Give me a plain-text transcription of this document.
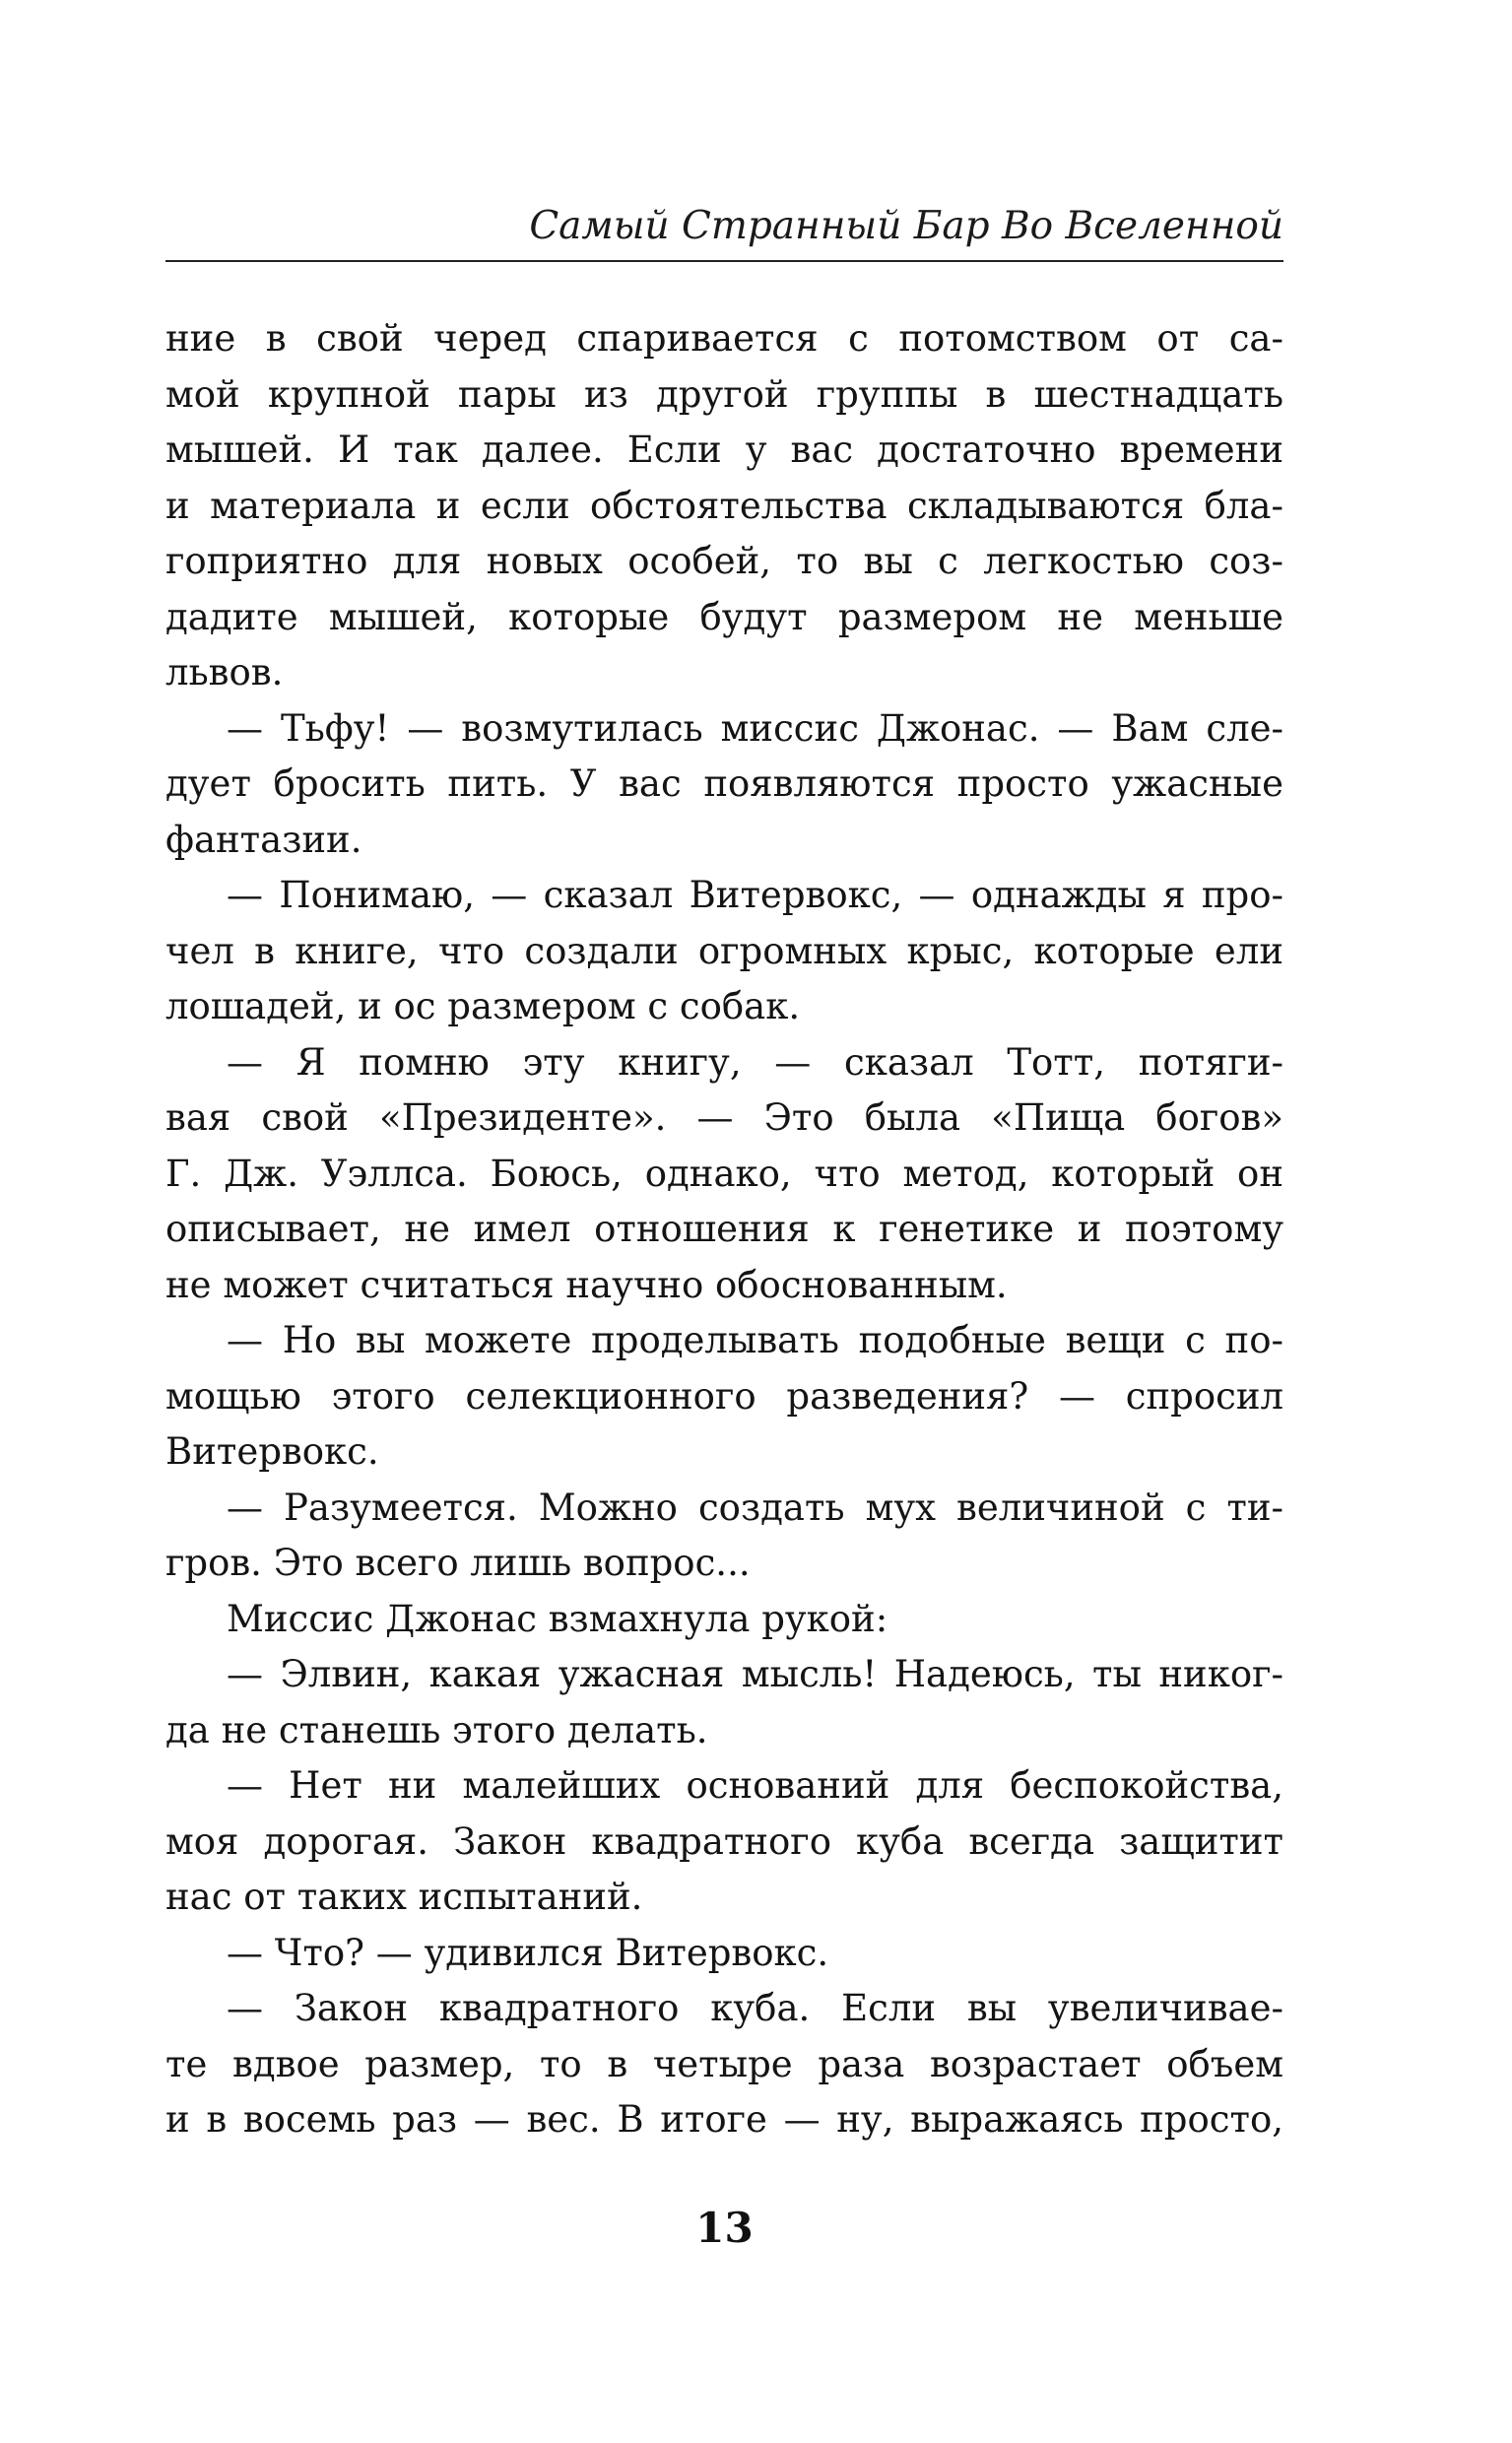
Самый Странный Бар Во Вселенной
ние в свой черед спаривается с потомством от са-
мой крупной пары из другой группы в шестнадцать
мышей. И так далее. Если у вас достаточно времени
и материала и если обстоятельства складываются бла-
гоприятно для новых особей, то вы с легкостью соз-
дадите мышей, которые будут размером не меньше
львов.
— Тьфу! — возмутилась миссис Джонас. — Вам сле-
дует бросить пить. У вас появляются просто ужасные
фантазии.
— Понимаю, — сказал Витервокс, — однажды я про-
чел в книге, что создали огромных крыс, которые ели
лошадей, и ос размером с собак.
— Я помню эту книгу, — сказал Тотт, потяги-
вая свой «Президенте». — Это была «Пища богов»
Г. Дж. Уэллса. Боюсь, однако, что метод, который он
описывает, не имел отношения к генетике и поэтому
не может считаться научно обоснованным.
— Но вы можете проделывать подобные вещи с по-
мощью этого селекционного разведения? — спросил
Витервокс.
— Разумеется. Можно создать мух величиной с ти-
гров. Это всего лишь вопрос...
Миссис Джонас взмахнула рукой:
— Элвин, какая ужасная мысль! Надеюсь, ты никог-
да не станешь этого делать.
— Нет ни малейших оснований для беспокойства,
моя дорогая. Закон квадратного куба всегда защитит
нас от таких испытаний.
— Что? — удивился Витервокс.
— Закон квадратного куба. Если вы увеличивае-
те вдвое размер, то в четыре раза возрастает объем
и в восемь раз — вес. В итоге — ну, выражаясь просто,
13
